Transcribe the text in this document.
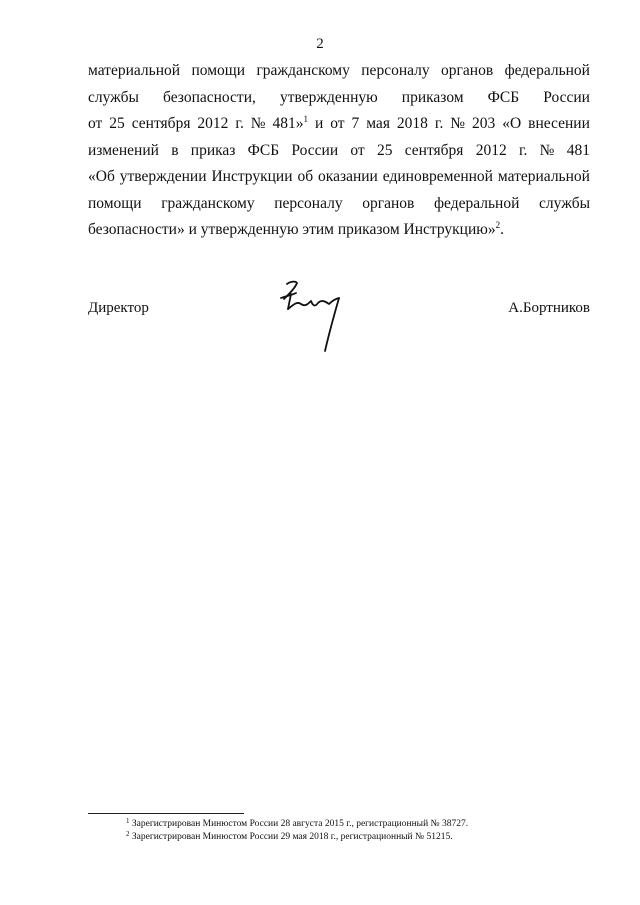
2
материальной помощи гражданскому персоналу органов федеральной
службы безопасности, утвержденную приказом ФСБ России
от 25 сентября 2012 г. № 481»$^1$ и от 7 мая 2018 г. № 203 «О внесении
изменений в приказ ФСБ России от 25 сентября 2012 г. № 481
«Об утверждении Инструкции об оказании единовременной материальной
помощи гражданскому персоналу органов федеральной службы
безопасности» и утвержденную этим приказом Инструкцию»$^2$.
Директор	А.Бортников
$^1$ Зарегистрирован Минюстом России 28 августа 2015 г., регистрационный № 38727.
$^2$ Зарегистрирован Минюстом России 29 мая 2018 г., регистрационный № 51215.
